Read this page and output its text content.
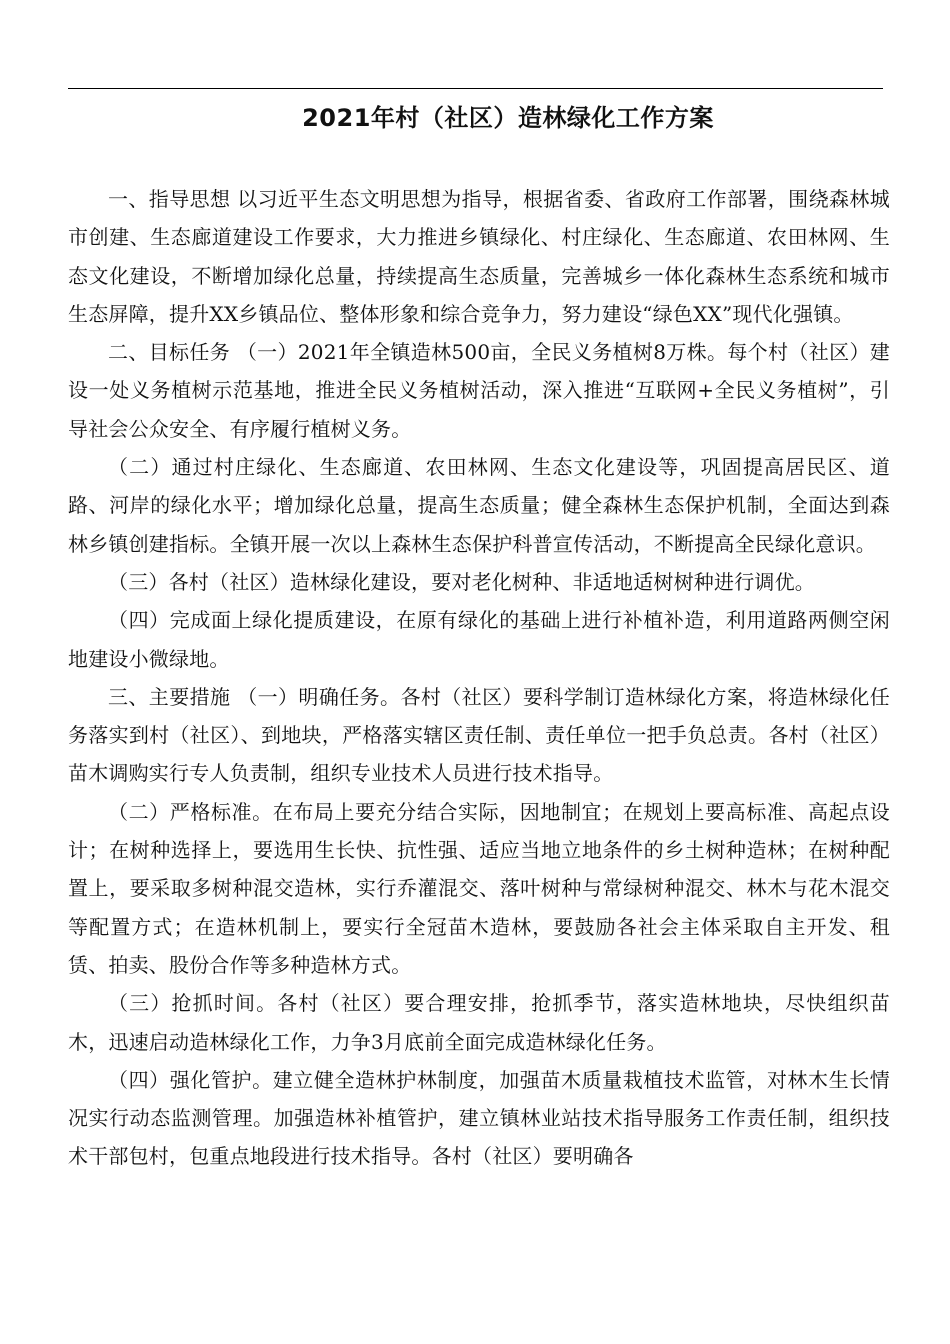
2021年村（社区）造林绿化工作方案

一、指导思想 以习近平生态文明思想为指导，根据省委、省政府工作部署，围绕森林城市创建、生态廊道建设工作要求，大力推进乡镇绿化、村庄绿化、生态廊道、农田林网、生态文化建设，不断增加绿化总量，持续提高生态质量，完善城乡一体化森林生态系统和城市生态屏障，提升XX乡镇品位、整体形象和综合竞争力，努力建设“绿色XX”现代化强镇。

二、目标任务 （一）2021年全镇造林500亩，全民义务植树8万株。每个村（社区）建设一处义务植树示范基地，推进全民义务植树活动，深入推进“互联网+全民义务植树”，引导社会公众安全、有序履行植树义务。

（二）通过村庄绿化、生态廊道、农田林网、生态文化建设等，巩固提高居民区、道路、河岸的绿化水平；增加绿化总量，提高生态质量；健全森林生态保护机制，全面达到森林乡镇创建指标。全镇开展一次以上森林生态保护科普宣传活动，不断提高全民绿化意识。

（三）各村（社区）造林绿化建设，要对老化树种、非适地适树树种进行调优。

（四）完成面上绿化提质建设，在原有绿化的基础上进行补植补造，利用道路两侧空闲地建设小微绿地。

三、主要措施 （一）明确任务。各村（社区）要科学制订造林绿化方案，将造林绿化任务落实到村（社区）、到地块，严格落实辖区责任制、责任单位一把手负总责。各村（社区）苗木调购实行专人负责制，组织专业技术人员进行技术指导。

（二）严格标准。在布局上要充分结合实际，因地制宜；在规划上要高标准、高起点设计；在树种选择上，要选用生长快、抗性强、适应当地立地条件的乡土树种造林；在树种配置上，要采取多树种混交造林，实行乔灌混交、落叶树种与常绿树种混交、林木与花木混交等配置方式；在造林机制上，要实行全冠苗木造林，要鼓励各社会主体采取自主开发、租赁、拍卖、股份合作等多种造林方式。

（三）抢抓时间。各村（社区）要合理安排，抢抓季节，落实造林地块，尽快组织苗木，迅速启动造林绿化工作，力争3月底前全面完成造林绿化任务。

（四）强化管护。建立健全造林护林制度，加强苗木质量栽植技术监管，对林木生长情况实行动态监测管理。加强造林补植管护，建立镇林业站技术指导服务工作责任制，组织技术干部包村，包重点地段进行技术指导。各村（社区）要明确各
